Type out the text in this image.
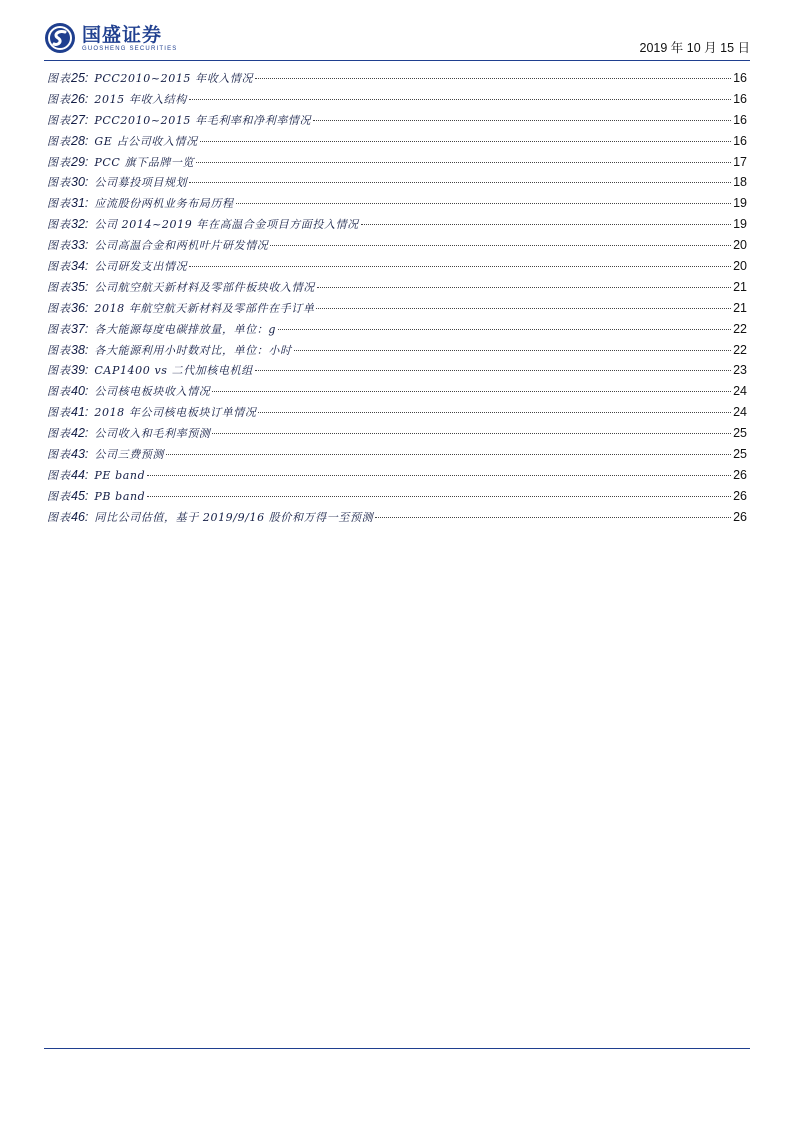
国盛证券
GUOSHENG SECURITIES	2019 年 10 月 15 日
图表 25: PCC2010~2015 年收入情况	16
图表 26: 2015 年收入结构	16
图表 27: PCC2010~2015 年毛利率和净利率情况	16
图表 28: GE 占公司收入情况	16
图表 29: PCC 旗下品牌一览	17
图表 30: 公司募投项目规划	18
图表 31: 应流股份两机业务布局历程	19
图表 32: 公司 2014~2019 年在高温合金项目方面投入情况	19
图表 33: 公司高温合金和两机叶片研发情况	20
图表 34: 公司研发支出情况	20
图表 35: 公司航空航天新材料及零部件板块收入情况	21
图表 36: 2018 年航空航天新材料及零部件在手订单	21
图表 37: 各大能源每度电碳排放量，单位：g	22
图表 38: 各大能源利用小时数对比，单位：小时	22
图表 39: CAP1400 vs 二代加核电机组	23
图表 40: 公司核电板块收入情况	24
图表 41: 2018 年公司核电板块订单情况	24
图表 42: 公司收入和毛利率预测	25
图表 43: 公司三费预测	25
图表 44: PE band	26
图表 45: PB band	26
图表 46: 同比公司估值，基于 2019/9/16 股价和万得一至预测	26
